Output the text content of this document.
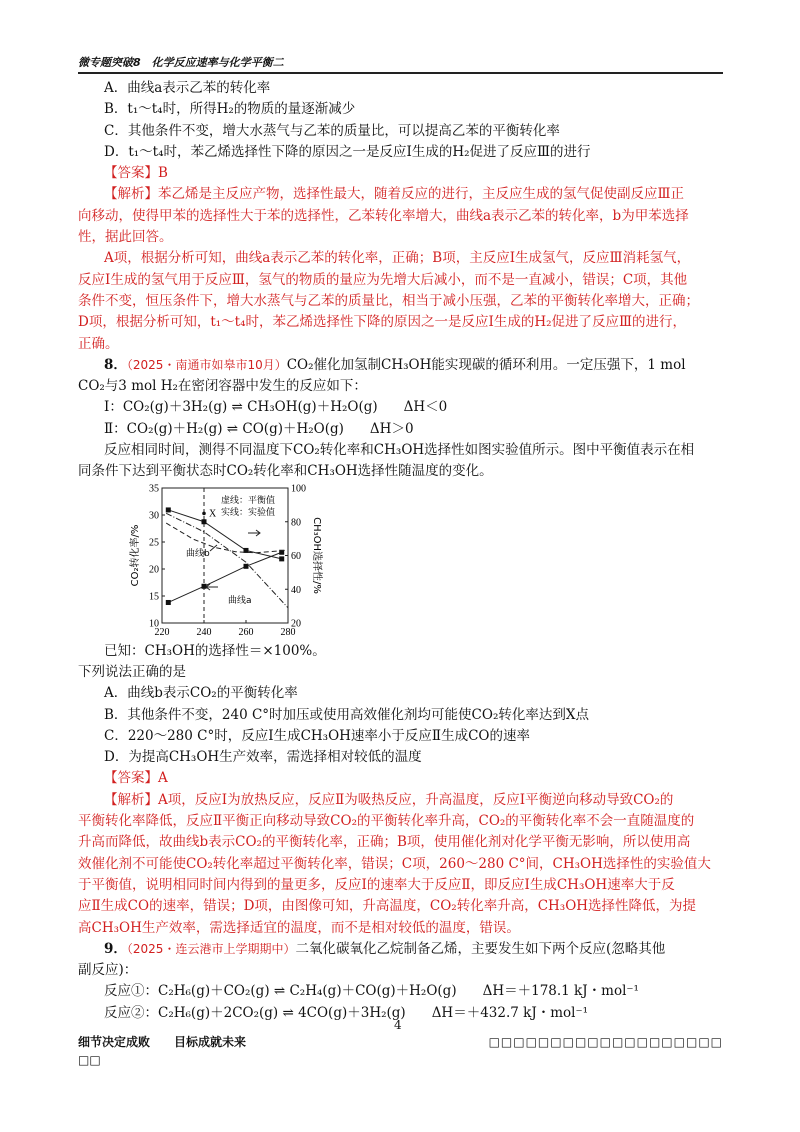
微专题突破8　化学反应速率与化学平衡二
A．曲线a表示乙苯的转化率
B．t₁～t₄时，所得H₂的物质的量逐渐减少
C．其他条件不变，增大水蒸气与乙苯的质量比，可以提高乙苯的平衡转化率
D．t₁～t₄时，苯乙烯选择性下降的原因之一是反应Ⅰ生成的H₂促进了反应Ⅲ的进行
【答案】B
【解析】苯乙烯是主反应产物，选择性最大，随着反应的进行，主反应生成的氢气促使副反应Ⅲ正
向移动，使得甲苯的选择性大于苯的选择性，乙苯转化率增大，曲线a表示乙苯的转化率，b为甲苯选择
性，据此回答。
A项，根据分析可知，曲线a表示乙苯的转化率，正确；B项，主反应Ⅰ生成氢气，反应Ⅲ消耗氢气，
反应Ⅰ生成的氢气用于反应Ⅲ，氢气的物质的量应为先增大后减小，而不是一直减小，错误；C项，其他
条件不变，恒压条件下，增大水蒸气与乙苯的质量比，相当于减小压强，乙苯的平衡转化率增大，正确；
D项，根据分析可知，t₁～t₄时，苯乙烯选择性下降的原因之一是反应Ⅰ生成的H₂促进了反应Ⅲ的进行，
正确。
8．（2025・南通市如皋市10月）CO₂催化加氢制CH₃OH能实现碳的循环利用。一定压强下，1 mol
CO₂与3 mol H₂在密闭容器中发生的反应如下：
Ⅰ：CO₂(g)＋3H₂(g) ⇌ CH₃OH(g)＋H₂O(g) ΔH＜0
Ⅱ：CO₂(g)＋H₂(g) ⇌ CO(g)＋H₂O(g) ΔH＞0
反应相同时间，测得不同温度下CO₂转化率和CH₃OH选择性如图实验值所示。图中平衡值表示在相
同条件下达到平衡状态时CO₂转化率和CH₃OH选择性随温度的变化。
10
15
20
25
30
35
20
40
60
80
100
220	240	260	280
CO₂转化率/%	CH₃OH选择性/%
X
虚线：平衡值
实线：实验值
曲线b
曲线a
已知：CH₃OH的选择性＝×100%。
下列说法正确的是
A．曲线b表示CO₂的平衡转化率
B．其他条件不变，240 C°时加压或使用高效催化剂均可能使CO₂转化率达到X点
C．220～280 C°时，反应Ⅰ生成CH₃OH速率小于反应Ⅱ生成CO的速率
D．为提高CH₃OH生产效率，需选择相对较低的温度
【答案】A
【解析】A项，反应Ⅰ为放热反应，反应Ⅱ为吸热反应，升高温度，反应Ⅰ平衡逆向移动导致CO₂的
平衡转化率降低，反应Ⅱ平衡正向移动导致CO₂的平衡转化率升高，CO₂的平衡转化率不会一直随温度的
升高而降低，故曲线b表示CO₂的平衡转化率，正确；B项，使用催化剂对化学平衡无影响，所以使用高
效催化剂不可能使CO₂转化率超过平衡转化率，错误；C项，260～280 C°间，CH₃OH选择性的实验值大
于平衡值，说明相同时间内得到的量更多，反应Ⅰ的速率大于反应Ⅱ，即反应Ⅰ生成CH₃OH速率大于反
应Ⅱ生成CO的速率，错误；D项，由图像可知，升高温度，CO₂转化率升高，CH₃OH选择性降低，为提
高CH₃OH生产效率，需选择适宜的温度，而不是相对较低的温度，错误。
9．（2025・连云港市上学期期中）二氧化碳氧化乙烷制备乙烯，主要发生如下两个反应(忽略其他
副反应)：
反应①：C₂H₆(g)＋CO₂(g) ⇌ C₂H₄(g)＋CO(g)＋H₂O(g) ΔH＝＋178.1 kJ・mol⁻¹
反应②：C₂H₆(g)＋2CO₂(g) ⇌ 4CO(g)＋3H₂(g) ΔH＝＋432.7 kJ・mol⁻¹
4
细节决定成败　　目标成就未来	□□□□□□□□□□□□□□□□□□□
□□
